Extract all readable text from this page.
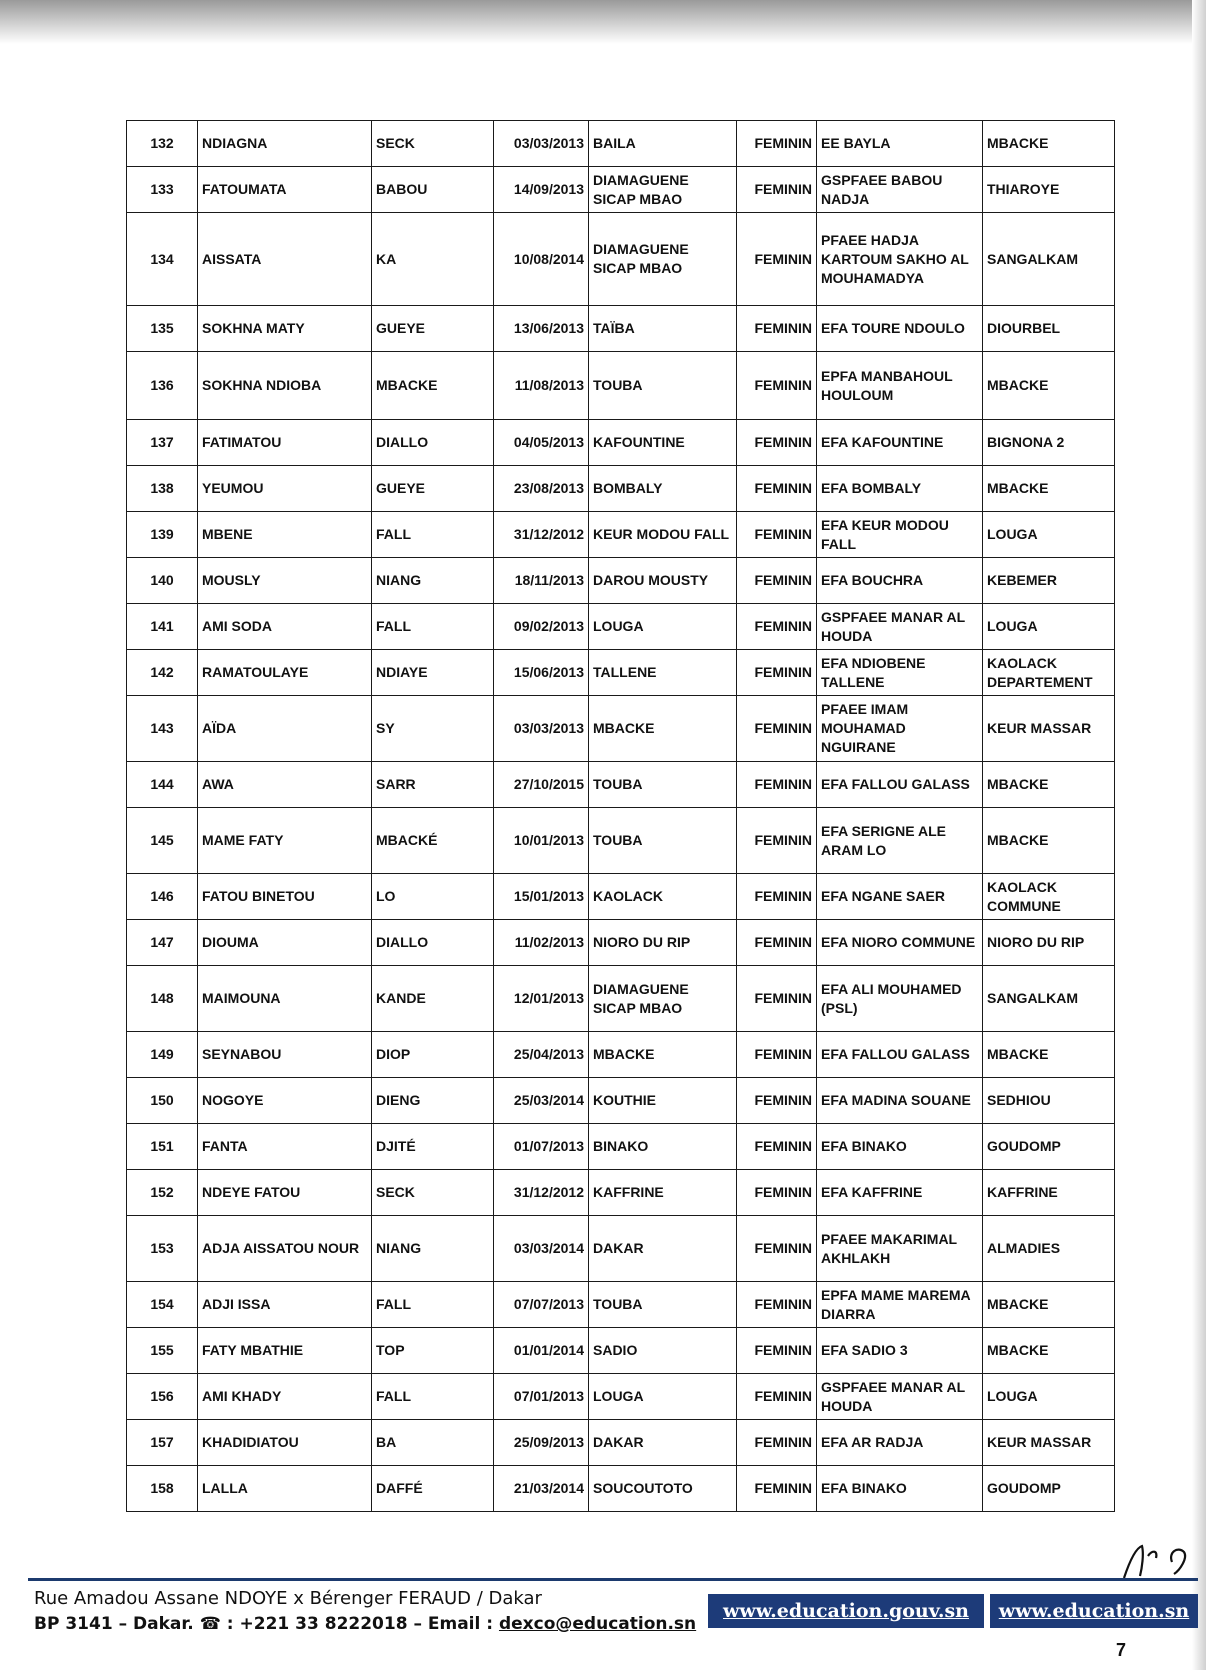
132	NDIAGNA	SECK	03/03/2013	BAILA	FEMININ	EE BAYLA	MBACKE
133	FATOUMATA	BABOU	14/09/2013	DIAMAGUENE SICAP MBAO	FEMININ	GSPFAEE BABOU NADJA	THIAROYE
134	AISSATA	KA	10/08/2014	DIAMAGUENE SICAP MBAO	FEMININ	PFAEE HADJA KARTOUM SAKHO AL MOUHAMADYA	SANGALKAM
135	SOKHNA MATY	GUEYE	13/06/2013	TAÏBA	FEMININ	EFA TOURE NDOULO	DIOURBEL
136	SOKHNA NDIOBA	MBACKE	11/08/2013	TOUBA	FEMININ	EPFA MANBAHOUL HOULOUM	MBACKE
137	FATIMATOU	DIALLO	04/05/2013	KAFOUNTINE	FEMININ	EFA KAFOUNTINE	BIGNONA 2
138	YEUMOU	GUEYE	23/08/2013	BOMBALY	FEMININ	EFA BOMBALY	MBACKE
139	MBENE	FALL	31/12/2012	KEUR MODOU FALL	FEMININ	EFA KEUR MODOU FALL	LOUGA
140	MOUSLY	NIANG	18/11/2013	DAROU MOUSTY	FEMININ	EFA BOUCHRA	KEBEMER
141	AMI SODA	FALL	09/02/2013	LOUGA	FEMININ	GSPFAEE MANAR AL HOUDA	LOUGA
142	RAMATOULAYE	NDIAYE	15/06/2013	TALLENE	FEMININ	EFA NDIOBENE TALLENE	KAOLACK DEPARTEMENT
143	AÏDA	SY	03/03/2013	MBACKE	FEMININ	PFAEE IMAM MOUHAMAD NGUIRANE	KEUR MASSAR
144	AWA	SARR	27/10/2015	TOUBA	FEMININ	EFA FALLOU GALASS	MBACKE
145	MAME FATY	MBACKÉ	10/01/2013	TOUBA	FEMININ	EFA SERIGNE ALE ARAM LO	MBACKE
146	FATOU BINETOU	LO	15/01/2013	KAOLACK	FEMININ	EFA NGANE SAER	KAOLACK COMMUNE
147	DIOUMA	DIALLO	11/02/2013	NIORO DU RIP	FEMININ	EFA NIORO COMMUNE	NIORO DU RIP
148	MAIMOUNA	KANDE	12/01/2013	DIAMAGUENE SICAP MBAO	FEMININ	EFA ALI MOUHAMED (PSL)	SANGALKAM
149	SEYNABOU	DIOP	25/04/2013	MBACKE	FEMININ	EFA FALLOU GALASS	MBACKE
150	NOGOYE	DIENG	25/03/2014	KOUTHIE	FEMININ	EFA MADINA SOUANE	SEDHIOU
151	FANTA	DJITÉ	01/07/2013	BINAKO	FEMININ	EFA BINAKO	GOUDOMP
152	NDEYE FATOU	SECK	31/12/2012	KAFFRINE	FEMININ	EFA KAFFRINE	KAFFRINE
153	ADJA AISSATOU NOUR	NIANG	03/03/2014	DAKAR	FEMININ	PFAEE MAKARIMAL AKHLAKH	ALMADIES
154	ADJI ISSA	FALL	07/07/2013	TOUBA	FEMININ	EPFA MAME MAREMA DIARRA	MBACKE
155	FATY MBATHIE	TOP	01/01/2014	SADIO	FEMININ	EFA SADIO 3	MBACKE
156	AMI KHADY	FALL	07/01/2013	LOUGA	FEMININ	GSPFAEE MANAR AL HOUDA	LOUGA
157	KHADIDIATOU	BA	25/09/2013	DAKAR	FEMININ	EFA AR RADJA	KEUR MASSAR
158	LALLA	DAFFÉ	21/03/2014	SOUCOUTOTO	FEMININ	EFA BINAKO	GOUDOMP
Rue Amadou Assane NDOYE x Bérenger FERAUD / Dakar
BP 3141 – Dakar. ☎ : +221 33 8222018 – Email : dexco@education.sn
www.education.gouv.sn	www.education.sn
7
